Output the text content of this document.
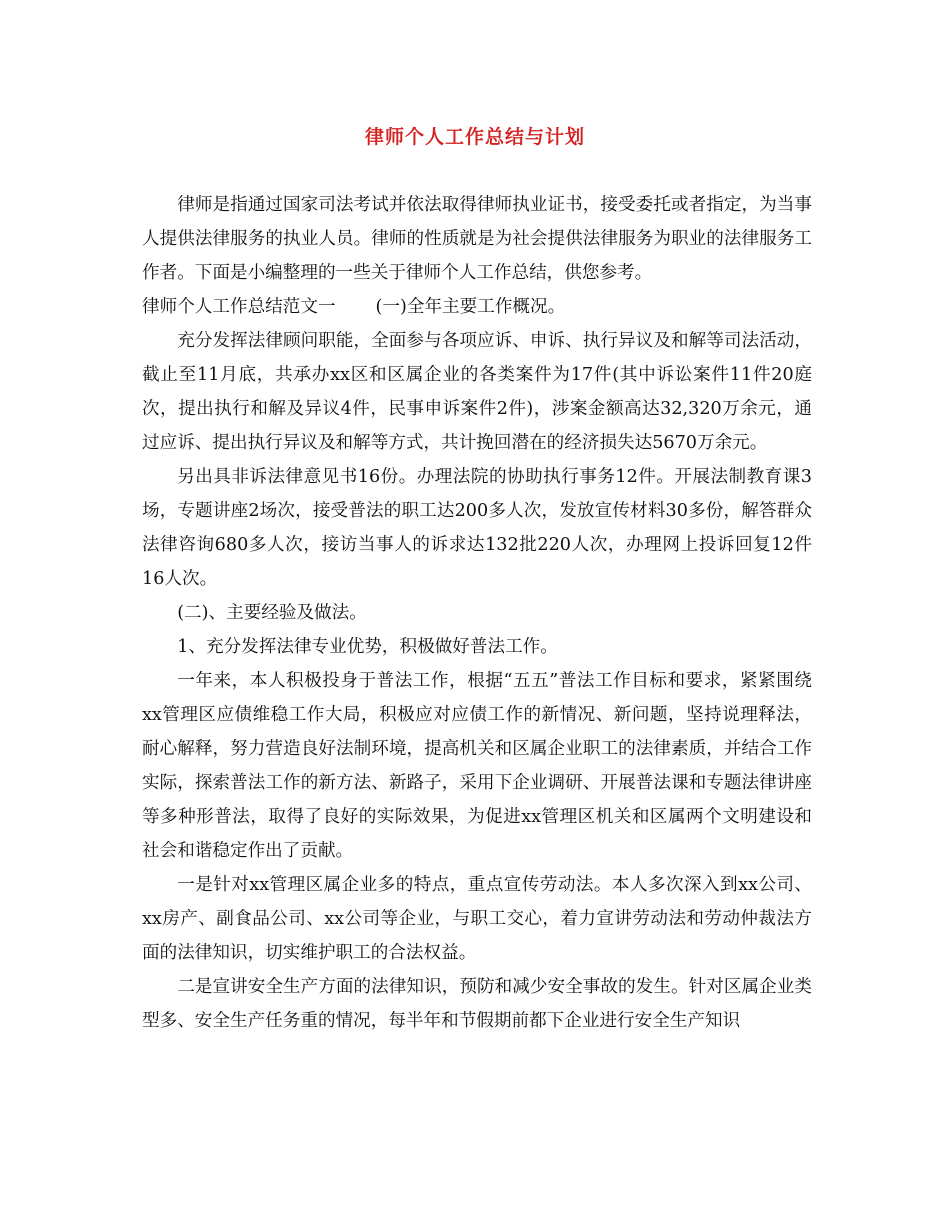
律师个人工作总结与计划

律师是指通过国家司法考试并依法取得律师执业证书，接受委托或者指定，为当事人提供法律服务的执业人员。律师的性质就是为社会提供法律服务为职业的法律服务工作者。下面是小编整理的一些关于律师个人工作总结，供您参考。

律师个人工作总结范文一 (一)全年主要工作概况。

充分发挥法律顾问职能，全面参与各项应诉、申诉、执行异议及和解等司法活动，截止至11月底，共承办xx区和区属企业的各类案件为17件(其中诉讼案件11件20庭次，提出执行和解及异议4件，民事申诉案件2件)，涉案金额高达32,320万余元，通过应诉、提出执行异议及和解等方式，共计挽回潜在的经济损失达5670万余元。

另出具非诉法律意见书16份。办理法院的协助执行事务12件。开展法制教育课3场，专题讲座2场次，接受普法的职工达200多人次，发放宣传材料30多份，解答群众法律咨询680多人次，接访当事人的诉求达132批220人次，办理网上投诉回复12件16人次。

(二)、主要经验及做法。

1、充分发挥法律专业优势，积极做好普法工作。

一年来，本人积极投身于普法工作，根据“五五”普法工作目标和要求，紧紧围绕xx管理区应债维稳工作大局，积极应对应债工作的新情况、新问题，坚持说理释法，耐心解释，努力营造良好法制环境，提高机关和区属企业职工的法律素质，并结合工作实际，探索普法工作的新方法、新路子，采用下企业调研、开展普法课和专题法律讲座等多种形普法，取得了良好的实际效果，为促进xx管理区机关和区属两个文明建设和社会和谐稳定作出了贡献。

一是针对xx管理区属企业多的特点，重点宣传劳动法。本人多次深入到xx公司、xx房产、副食品公司、xx公司等企业，与职工交心，着力宣讲劳动法和劳动仲裁法方面的法律知识，切实维护职工的合法权益。

二是宣讲安全生产方面的法律知识，预防和减少安全事故的发生。针对区属企业类型多、安全生产任务重的情况，每半年和节假期前都下企业进行安全生产知识
